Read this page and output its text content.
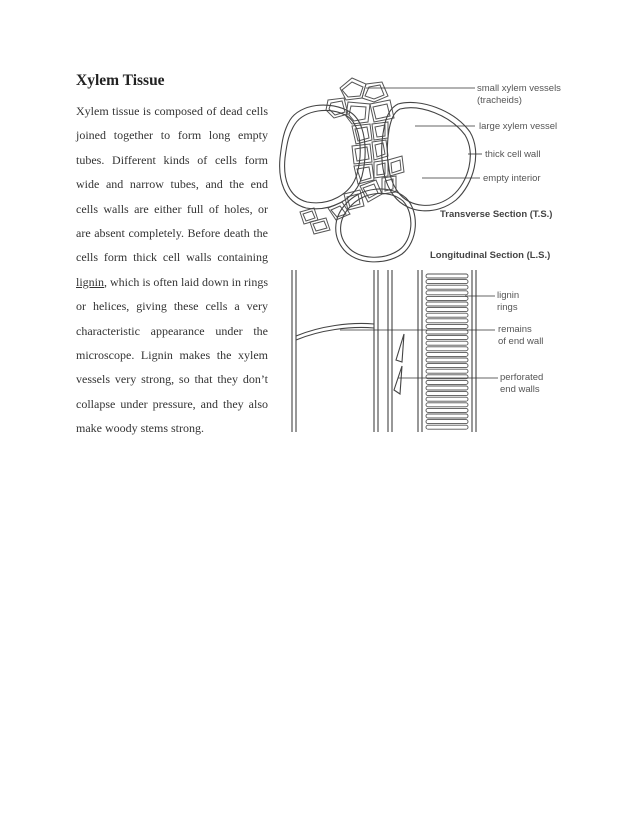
Xylem Tissue

Xylem tissue is composed of dead cells joined together to form long empty tubes. Different kinds of cells form wide and narrow tubes, and the end cells walls are either full of holes, or are absent completely. Before death the cells form thick cell walls containing lignin, which is often laid down in rings or helices, giving these cells a very characteristic appearance under the microscope. Lignin makes the xylem vessels very strong, so that they don’t collapse under pressure, and they also make woody stems strong.

small xylem vessels
(tracheids)
large xylem vessel
thick cell wall
empty interior
Transverse Section (T.S.)
Longitudinal Section (L.S.)
lignin
rings
remains
of end wall
perforated
end walls
